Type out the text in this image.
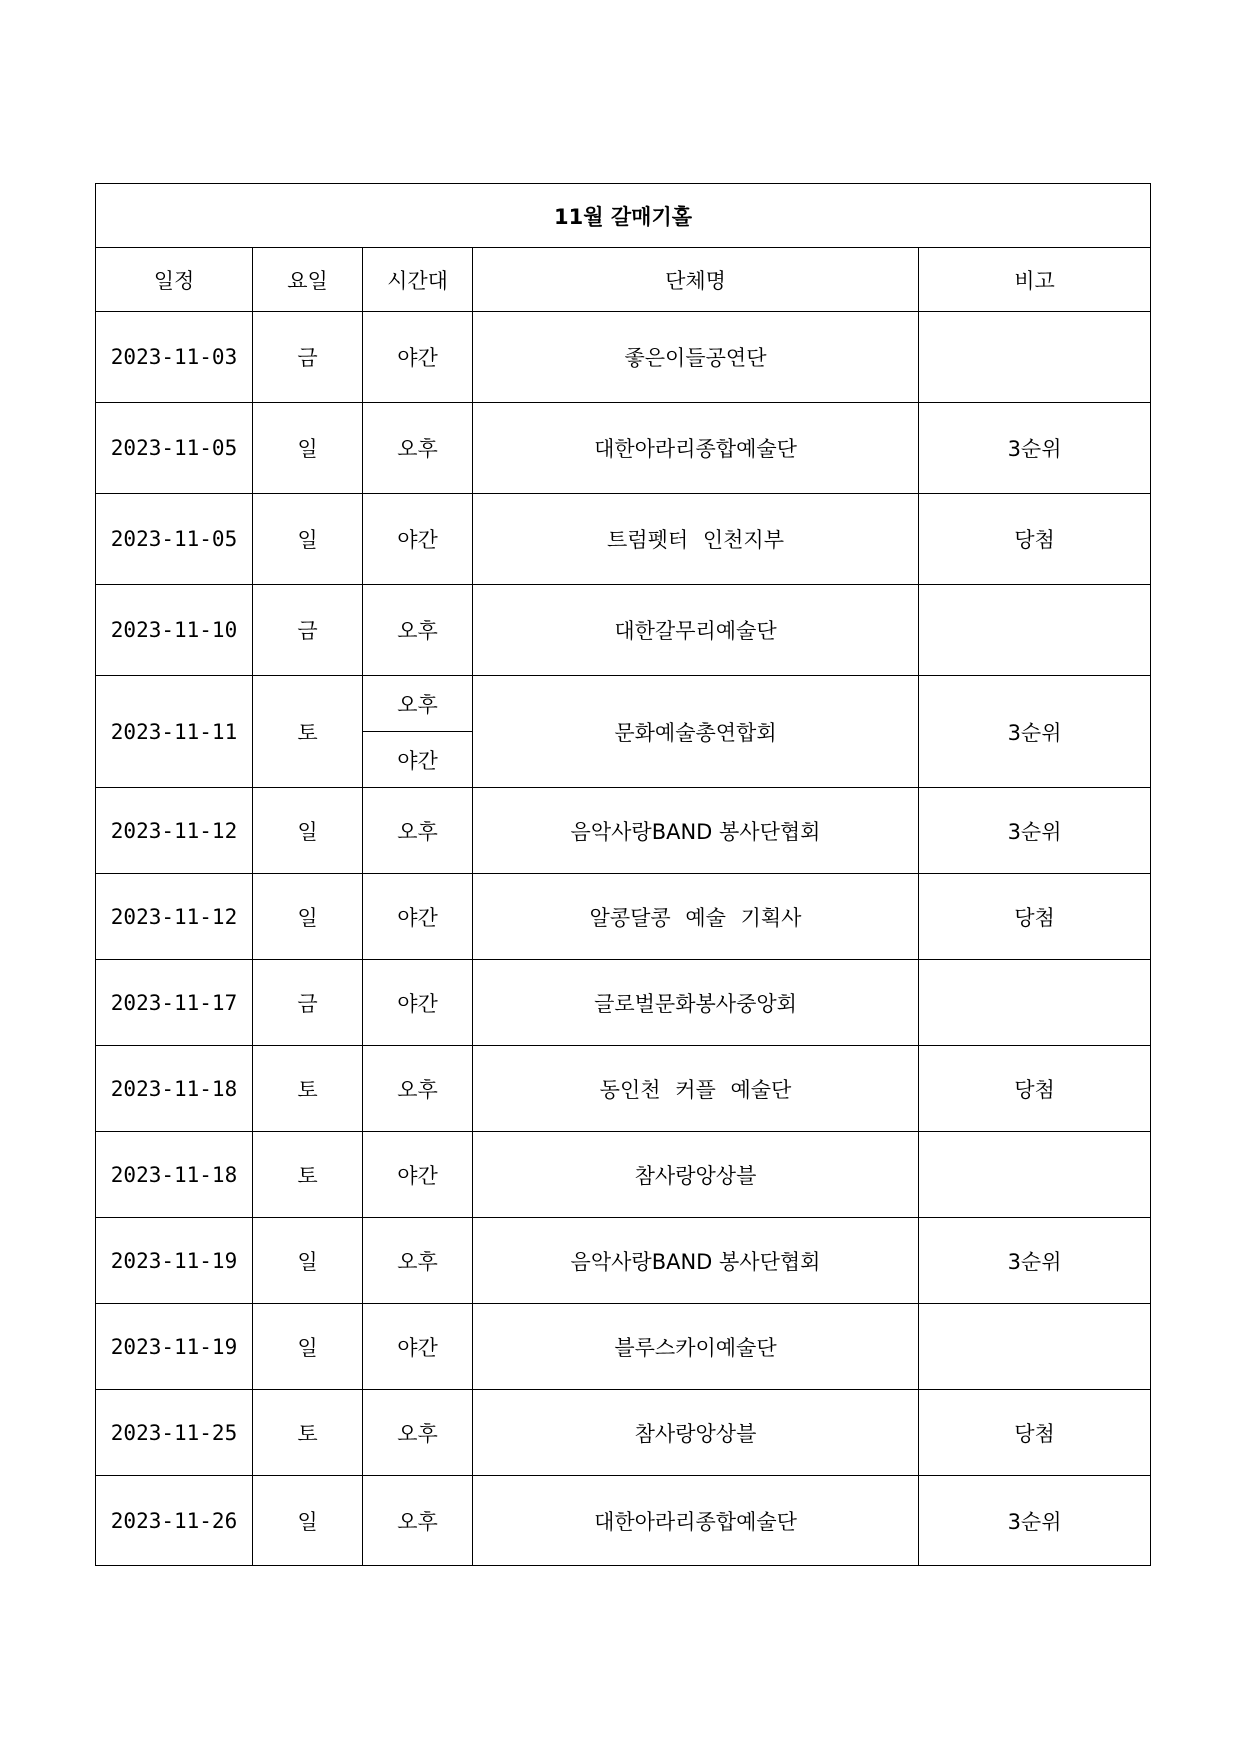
11월 갈매기홀				
일정	요일	시간대	단체명	비고
2023-11-03	금	야간	좋은이들공연단	
2023-11-05	일	오후	대한아라리종합예술단	3순위
2023-11-05	일	야간	트럼펫터 인천지부	당첨
2023-11-10	금	오후	대한갈무리예술단	
2023-11-11	토	오후	문화예술총연합회	3순위
		야간		
2023-11-12	일	오후	음악사랑BAND 봉사단협회	3순위
2023-11-12	일	야간	알콩달콩 예술 기획사	당첨
2023-11-17	금	야간	글로벌문화봉사중앙회	
2023-11-18	토	오후	동인천 커플 예술단	당첨
2023-11-18	토	야간	참사랑앙상블	
2023-11-19	일	오후	음악사랑BAND 봉사단협회	3순위
2023-11-19	일	야간	블루스카이예술단	
2023-11-25	토	오후	참사랑앙상블	당첨
2023-11-26	일	오후	대한아라리종합예술단	3순위
